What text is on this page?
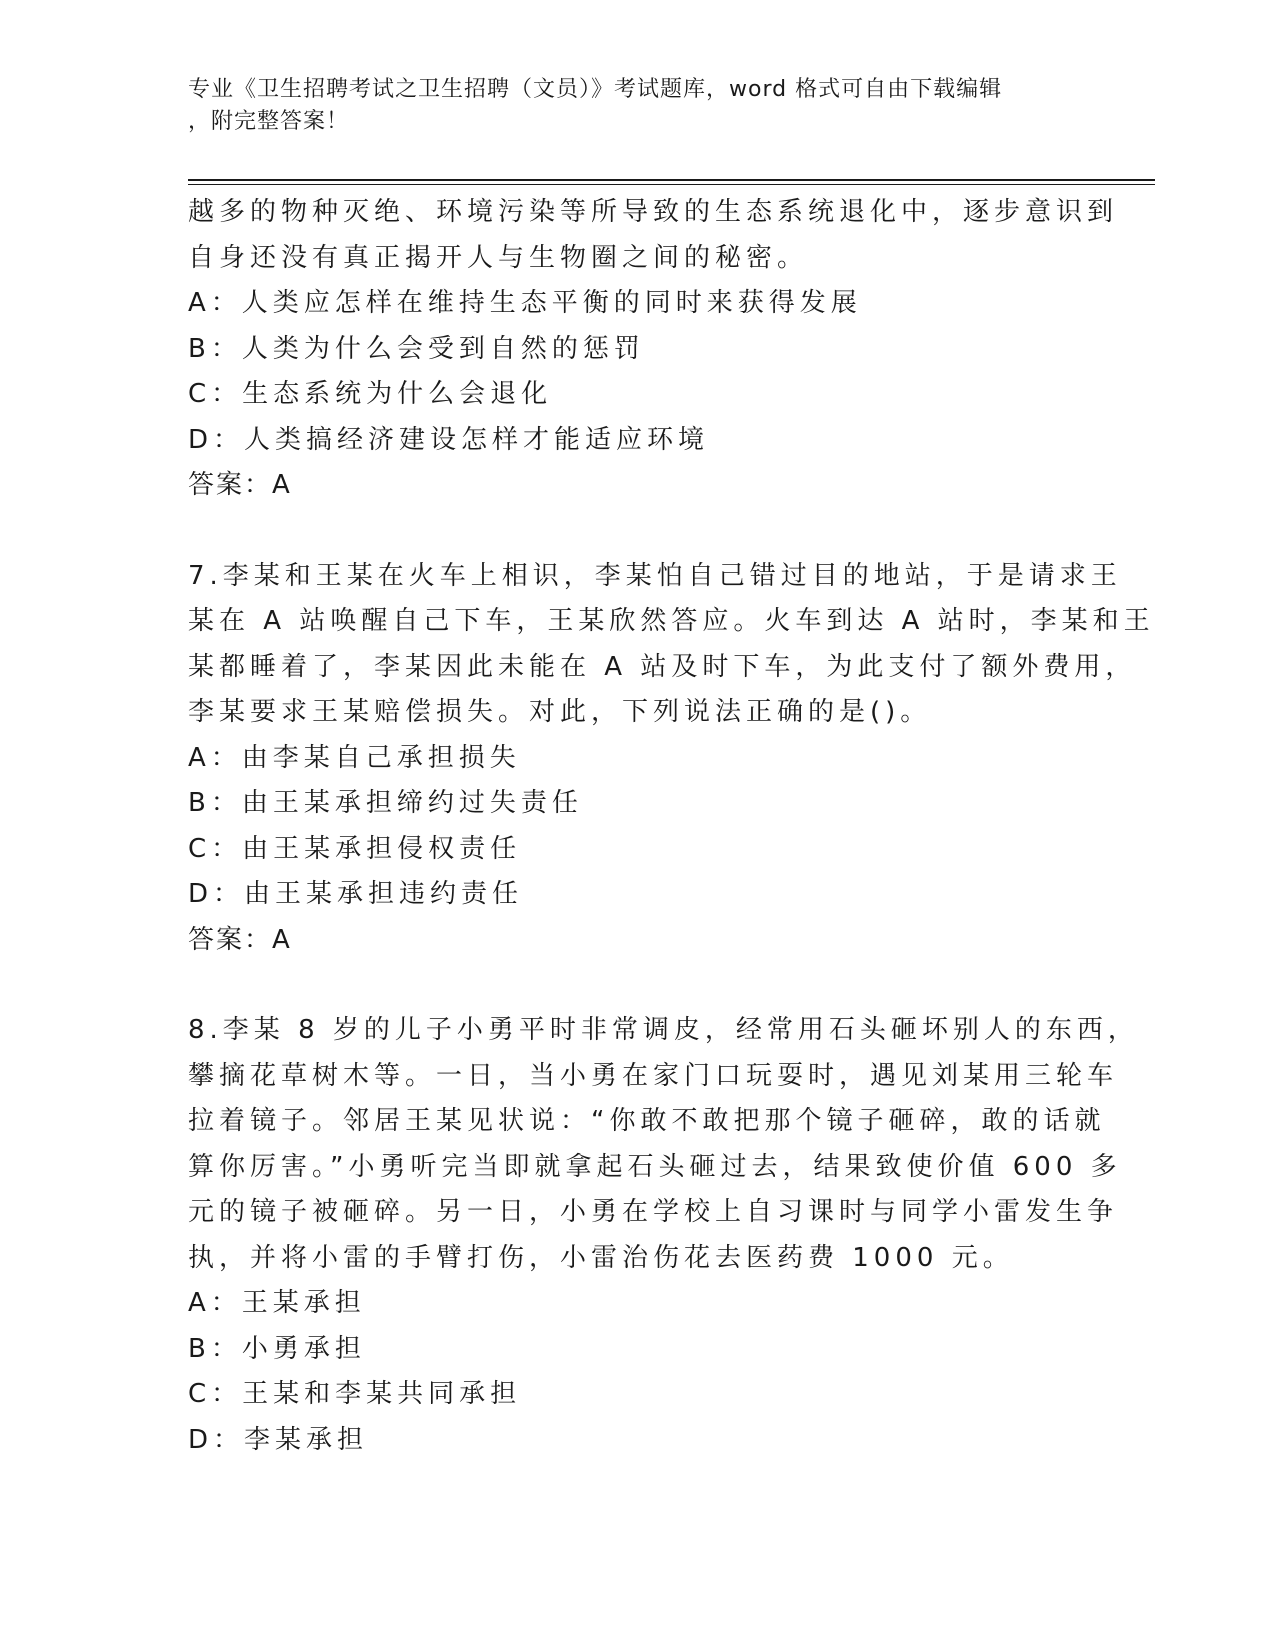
专业《卫生招聘考试之卫生招聘（文员）》考试题库，word 格式可自由下载编辑
，附完整答案！
越多的物种灭绝、环境污染等所导致的生态系统退化中，逐步意识到
自身还没有真正揭开人与生物圈之间的秘密。
A：人类应怎样在维持生态平衡的同时来获得发展
B：人类为什么会受到自然的惩罚
C：生态系统为什么会退化
D：人类搞经济建设怎样才能适应环境
答案：A
7.李某和王某在火车上相识，李某怕自己错过目的地站，于是请求王
某在 A 站唤醒自己下车，王某欣然答应。火车到达 A 站时，李某和王
某都睡着了，李某因此未能在 A 站及时下车，为此支付了额外费用，
李某要求王某赔偿损失。对此，下列说法正确的是()。
A：由李某自己承担损失
B：由王某承担缔约过失责任
C：由王某承担侵权责任
D：由王某承担违约责任
答案：A
8.李某 8 岁的儿子小勇平时非常调皮，经常用石头砸坏别人的东西，
攀摘花草树木等。一日，当小勇在家门口玩耍时，遇见刘某用三轮车
拉着镜子。邻居王某见状说：“你敢不敢把那个镜子砸碎，敢的话就
算你厉害。”小勇听完当即就拿起石头砸过去，结果致使价值 600 多
元的镜子被砸碎。另一日，小勇在学校上自习课时与同学小雷发生争
执，并将小雷的手臂打伤，小雷治伤花去医药费 1000 元。
A：王某承担
B：小勇承担
C：王某和李某共同承担
D：李某承担
